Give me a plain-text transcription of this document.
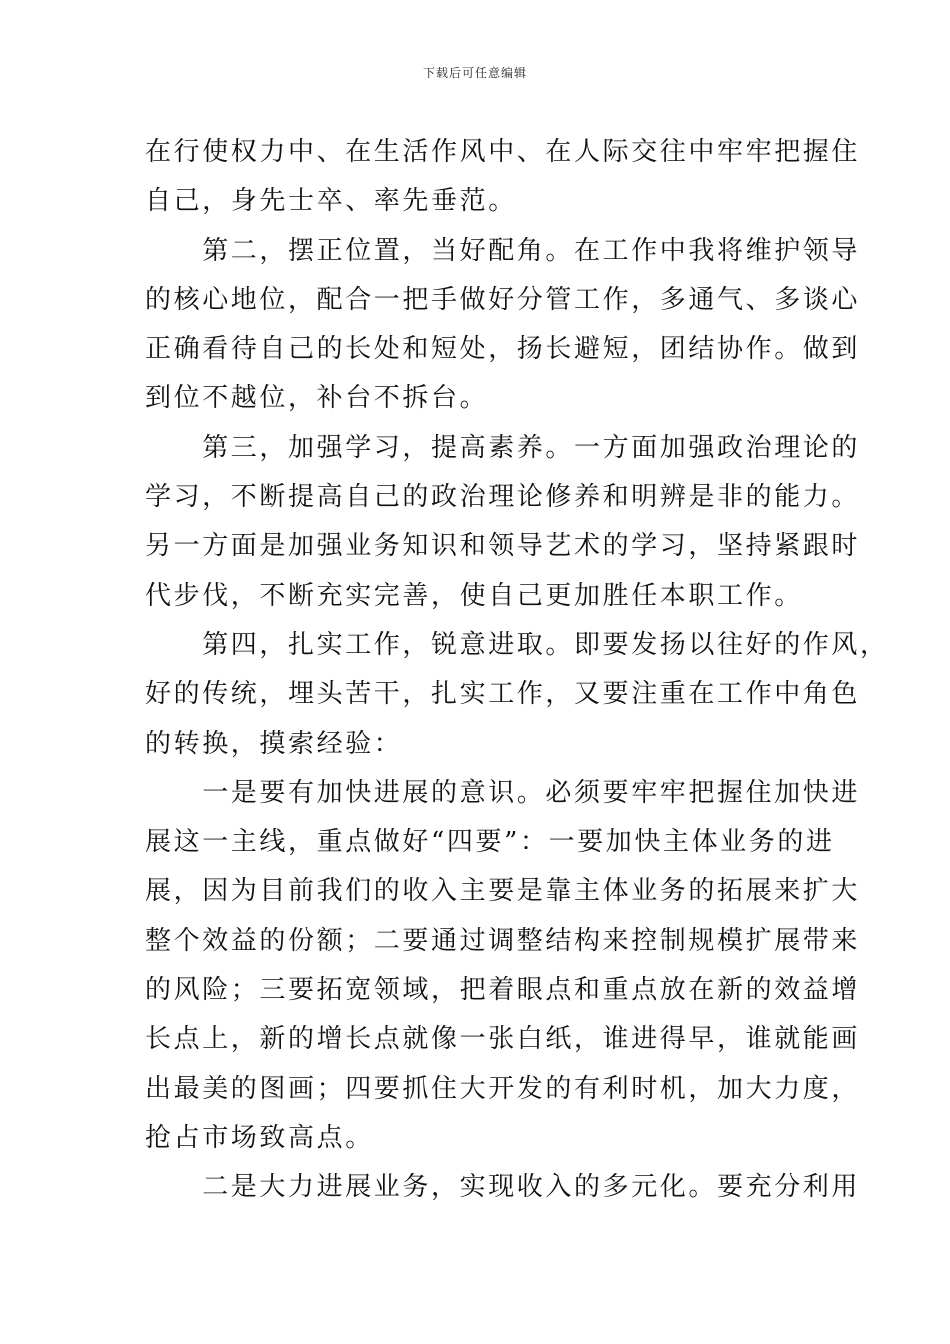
下载后可任意编辑
在行使权力中、在生活作风中、在人际交往中牢牢把握住
自己，身先士卒、率先垂范。
　　第二，摆正位置，当好配角。在工作中我将维护领导
的核心地位，配合一把手做好分管工作，多通气、多谈心
正确看待自己的长处和短处，扬长避短，团结协作。做到
到位不越位，补台不拆台。
　　第三，加强学习，提高素养。一方面加强政治理论的
学习，不断提高自己的政治理论修养和明辨是非的能力。
另一方面是加强业务知识和领导艺术的学习，坚持紧跟时
代步伐，不断充实完善，使自己更加胜任本职工作。
　　第四，扎实工作，锐意进取。即要发扬以往好的作风，
好的传统，埋头苦干，扎实工作，又要注重在工作中角色
的转换，摸索经验：
　　一是要有加快进展的意识。必须要牢牢把握住加快进
展这一主线，重点做好“四要”：一要加快主体业务的进
展，因为目前我们的收入主要是靠主体业务的拓展来扩大
整个效益的份额；二要通过调整结构来控制规模扩展带来
的风险；三要拓宽领域，把着眼点和重点放在新的效益增
长点上，新的增长点就像一张白纸，谁进得早，谁就能画
出最美的图画；四要抓住大开发的有利时机，加大力度，
抢占市场致高点。
　　二是大力进展业务，实现收入的多元化。要充分利用
